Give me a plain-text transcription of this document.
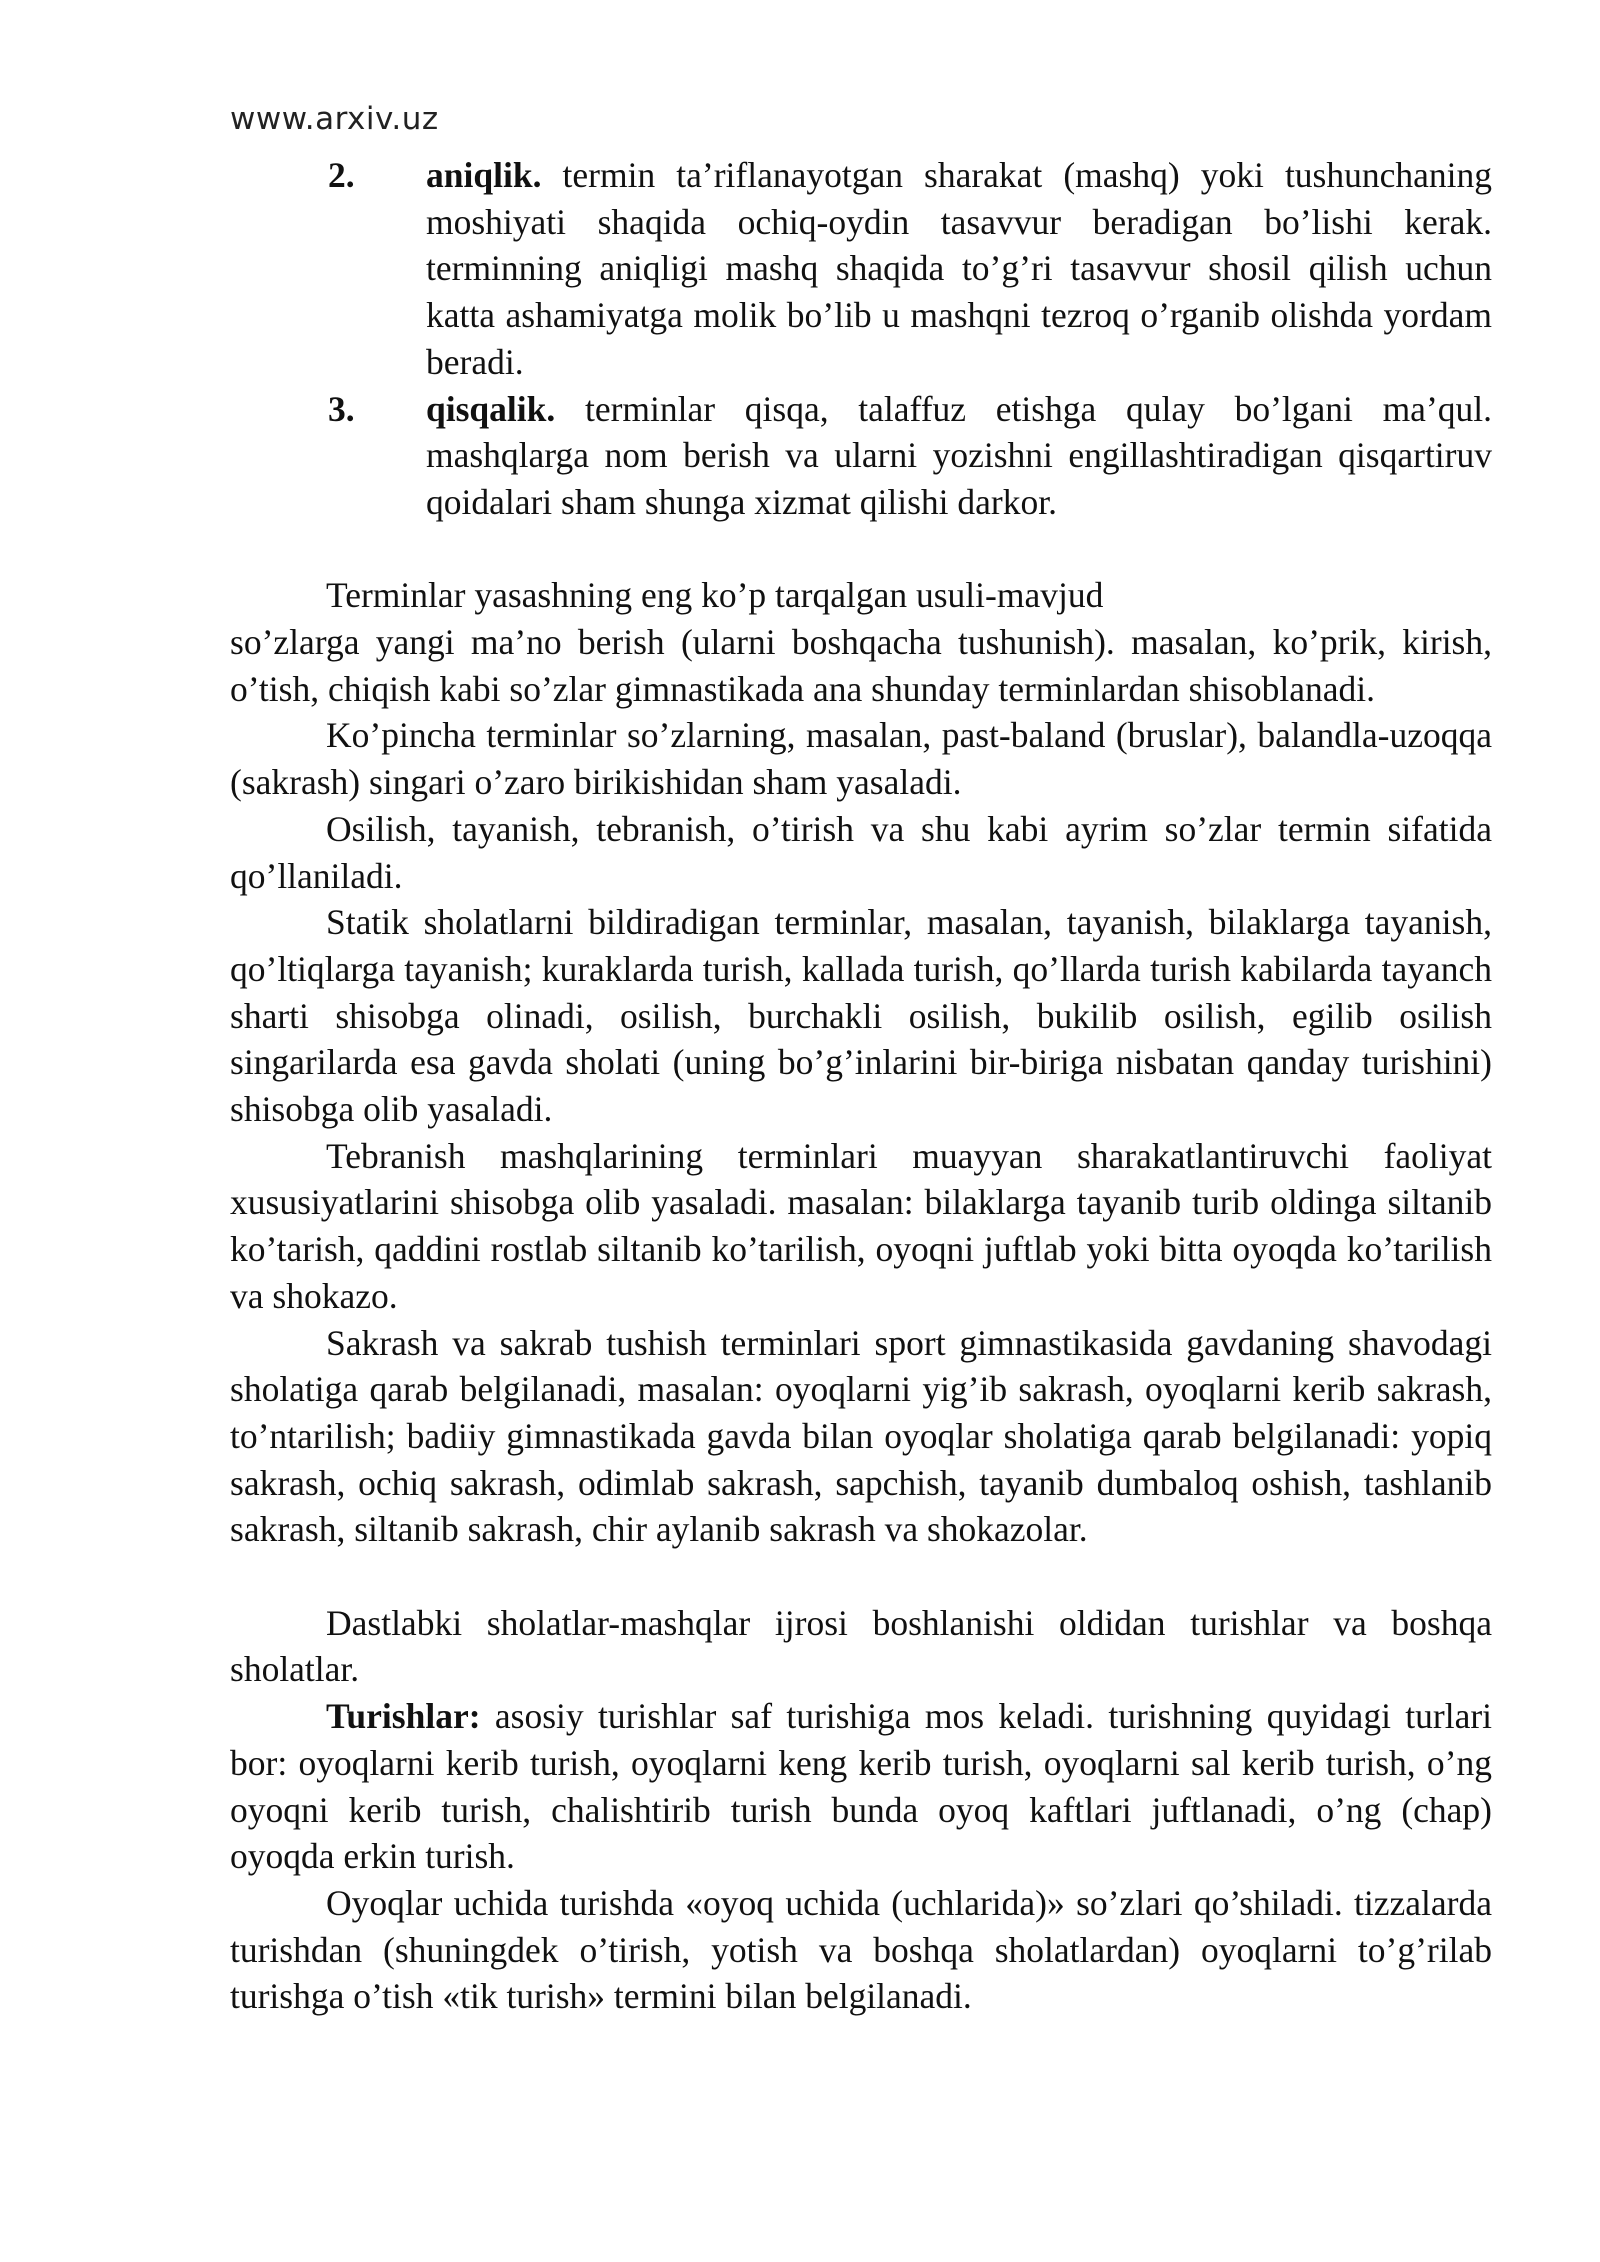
www.arxiv.uz
2. aniqlik. termin ta’riflanayotgan sharakat (mashq) yoki tushunchaning moshiyati shaqida ochiq-oydin tasavvur beradigan bo’lishi kerak. terminning aniqligi mashq shaqida to’g’ri tasavvur shosil qilish uchun katta ashamiyatga molik bo’lib u mashqni tezroq o’rganib olishda yordam beradi.
3. qisqalik. terminlar qisqa, talaffuz etishga qulay bo’lgani ma’qul. mashqlarga nom berish va ularni yozishni engillashtiradigan qisqartiruv qoidalari sham shunga xizmat qilishi darkor.

Terminlar yasashning eng ko’p tarqalgan usuli-mavjud

so’zlarga yangi ma’no berish (ularni boshqacha tushunish). masalan, ko’prik, kirish, o’tish, chiqish kabi so’zlar gimnastikada ana shunday terminlardan shisoblanadi.

Ko’pincha terminlar so’zlarning, masalan, past-baland (bruslar), balandla-uzoqqa (sakrash) singari o’zaro birikishidan sham yasaladi.

Osilish, tayanish, tebranish, o’tirish va shu kabi ayrim so’zlar termin sifatida qo’llaniladi.

Statik sholatlarni bildiradigan terminlar, masalan, tayanish, bilaklarga tayanish, qo’ltiqlarga tayanish; kuraklarda turish, kallada turish, qo’llarda turish kabilarda tayanch sharti shisobga olinadi, osilish, burchakli osilish, bukilib osilish, egilib osilish singarilarda esa gavda sholati (uning bo’g’inlarini bir-biriga nisbatan qanday turishini) shisobga olib yasaladi.

Tebranish mashqlarining terminlari muayyan sharakatlantiruvchi faoliyat xususiyatlarini shisobga olib yasaladi. masalan: bilaklarga tayanib turib oldinga siltanib ko’tarish, qaddini rostlab siltanib ko’tarilish, oyoqni juftlab yoki bitta oyoqda ko’tarilish va shokazo.

Sakrash va sakrab tushish terminlari sport gimnastikasida gavdaning shavodagi sholatiga qarab belgilanadi, masalan: oyoqlarni yig’ib sakrash, oyoqlarni kerib sakrash, to’ntarilish; badiiy gimnastikada gavda bilan oyoqlar sholatiga qarab belgilanadi: yopiq sakrash, ochiq sakrash, odimlab sakrash, sapchish, tayanib dumbaloq oshish, tashlanib sakrash, siltanib sakrash, chir aylanib sakrash va shokazolar.

Dastlabki sholatlar-mashqlar ijrosi boshlanishi oldidan turishlar va boshqa sholatlar.

Turishlar: asosiy turishlar saf turishiga mos keladi. turishning quyidagi turlari bor: oyoqlarni kerib turish, oyoqlarni keng kerib turish, oyoqlarni sal kerib turish, o’ng oyoqni kerib turish, chalishtirib turish bunda oyoq kaftlari juftlanadi, o’ng (chap) oyoqda erkin turish.

Oyoqlar uchida turishda «oyoq uchida (uchlarida)» so’zlari qo’shiladi. tizzalarda turishdan (shuningdek o’tirish, yotish va boshqa sholatlardan) oyoqlarni to’g’rilab turishga o’tish «tik turish» termini bilan belgilanadi.
